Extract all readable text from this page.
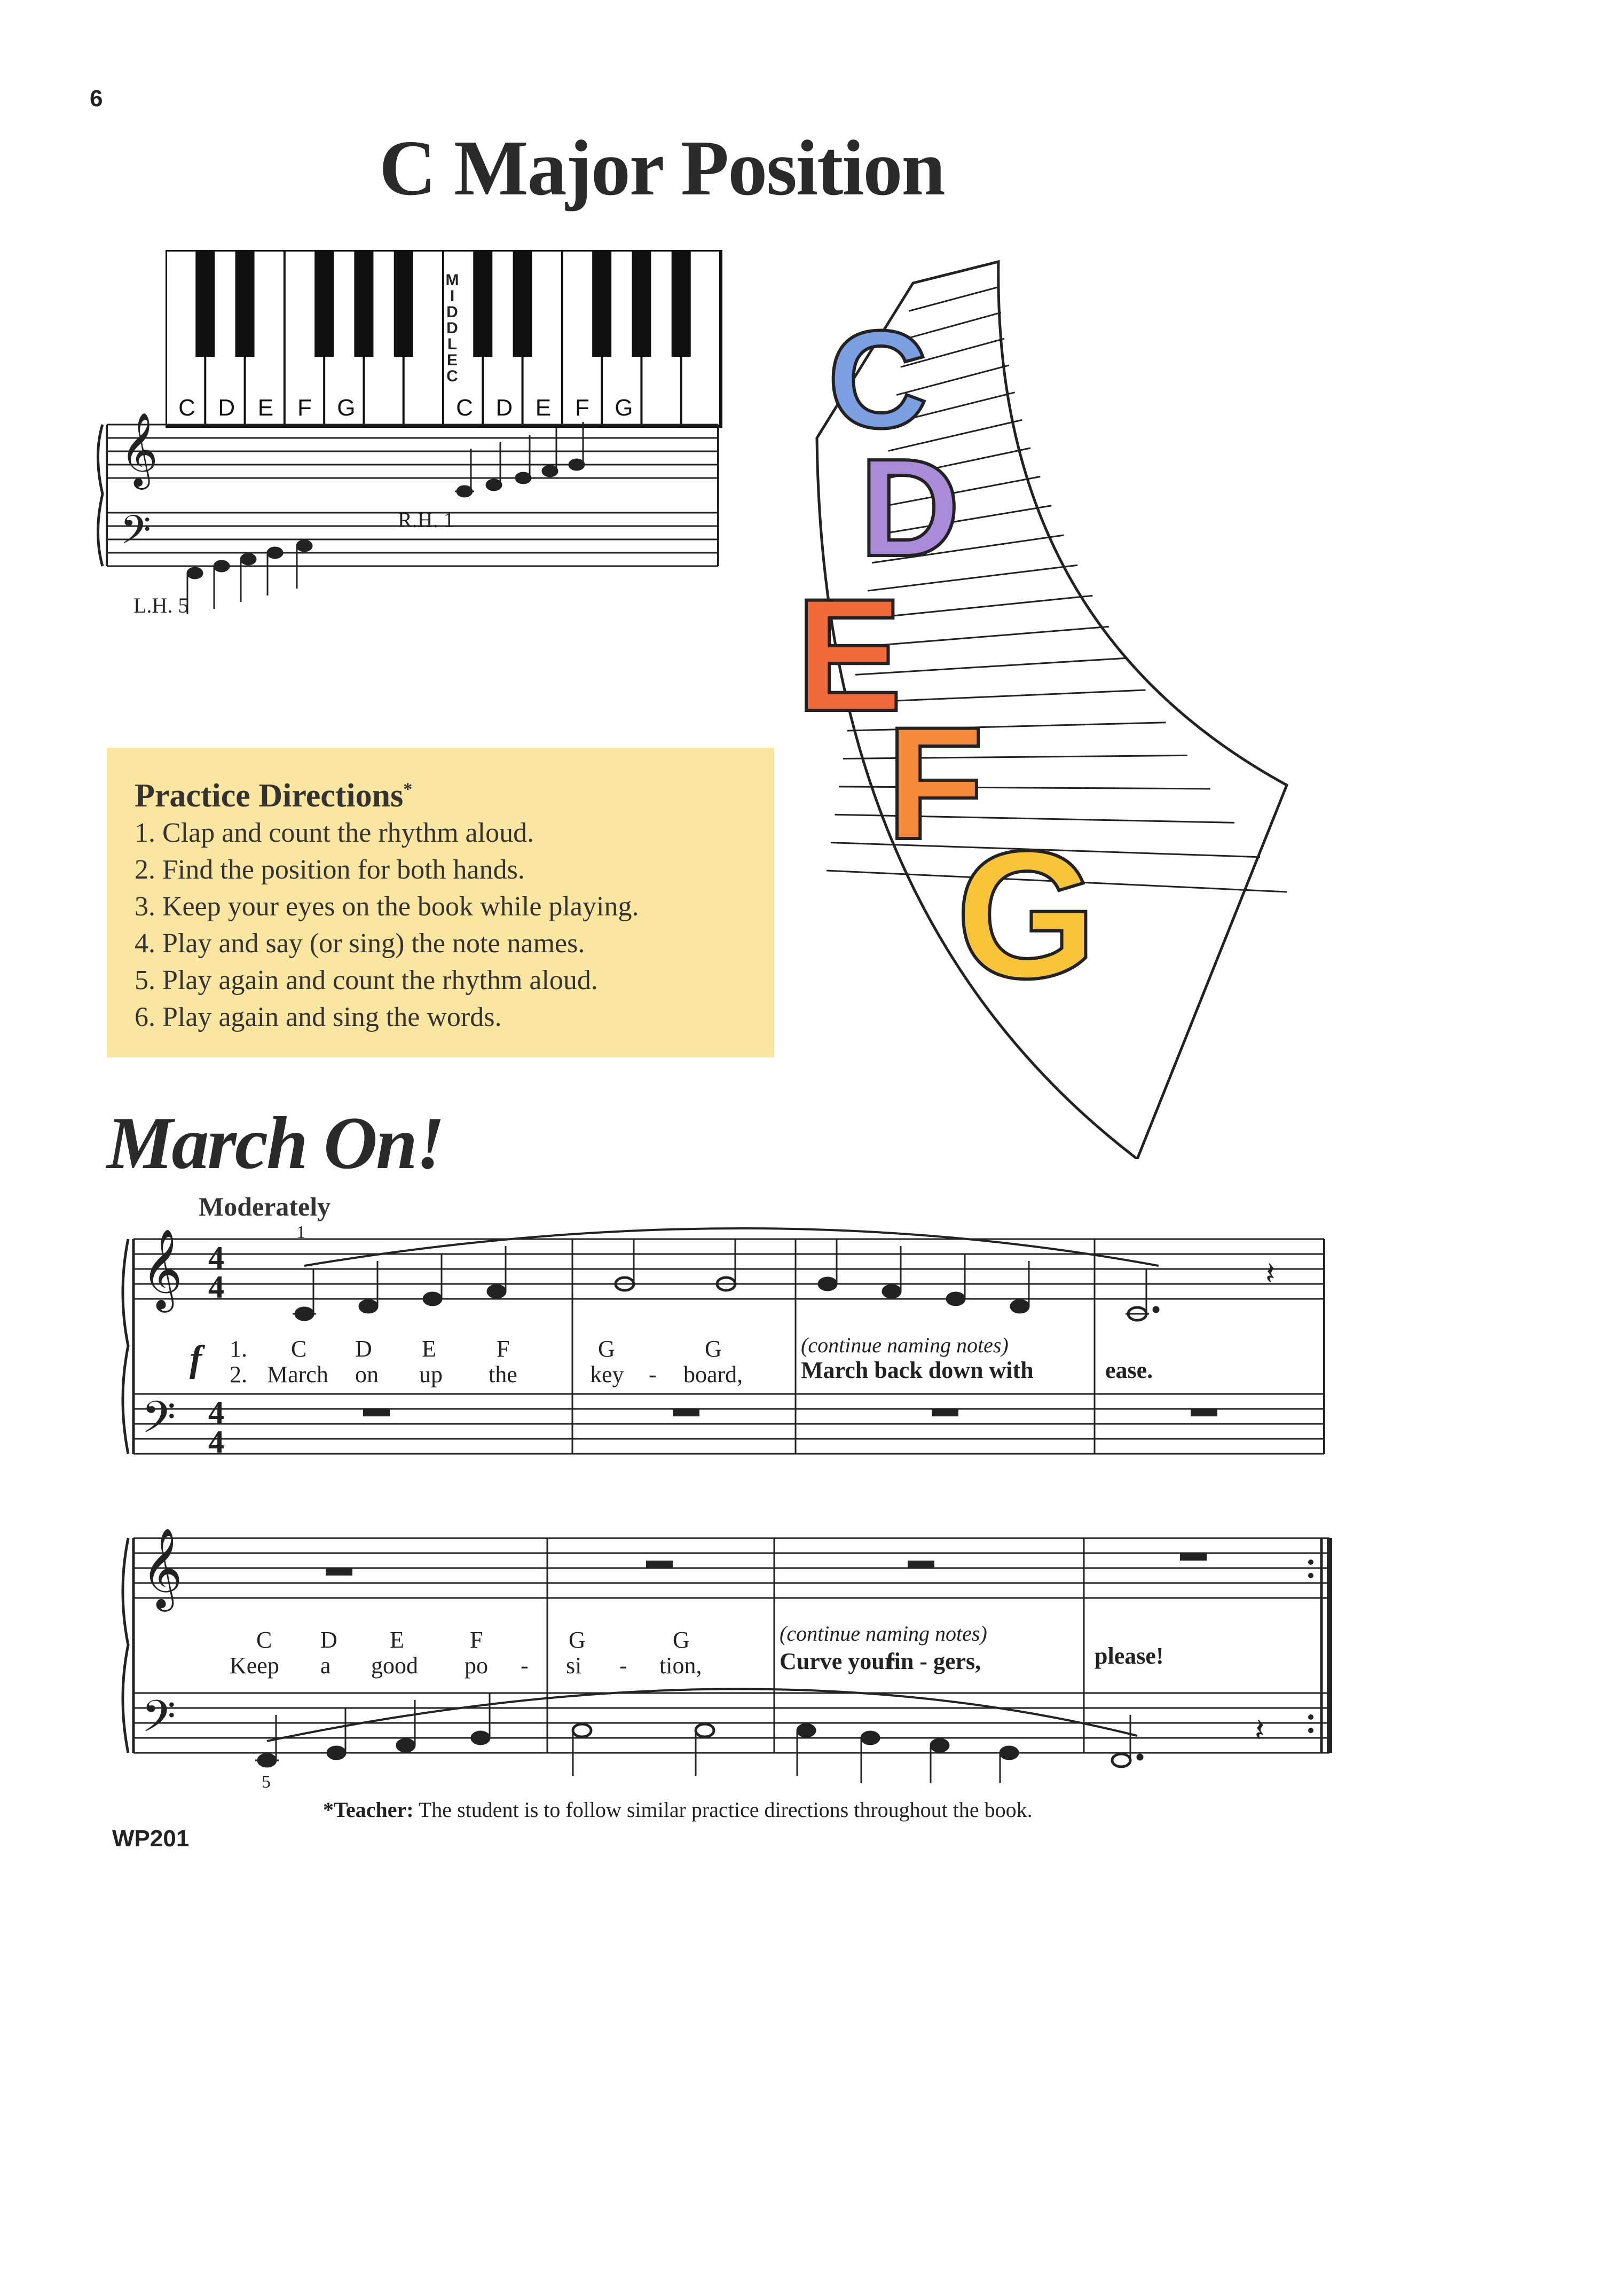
6
C Major Position
C D E F G	C D E F G
M
I
D
D
L
E
C
𝄞
𝄢	R.H. 1
L.H. 5
Practice Directions*
1. Clap and count the rhythm aloud.
2. Find the position for both hands.
3. Keep your eyes on the book while playing.
4. Play and say (or sing) the note names.
5. Play again and count the rhythm aloud.
6. Play again and sing the words.
C
D
E
F
G
March On!
Moderately
𝄞
𝄢
4
4
4
4
1
𝄽
f 1.
2.
C D E	F	G	G	(continue naming notes)
March on up the	key - board, March back down with	ease.
𝄞
𝄢	𝄽
C D E	F	G	G	(continue naming notes)
Keep a good po - si - tion,	Curve your
fin - gers,	please!
5
*Teacher: The student is to follow similar practice directions throughout the book.
WP201
